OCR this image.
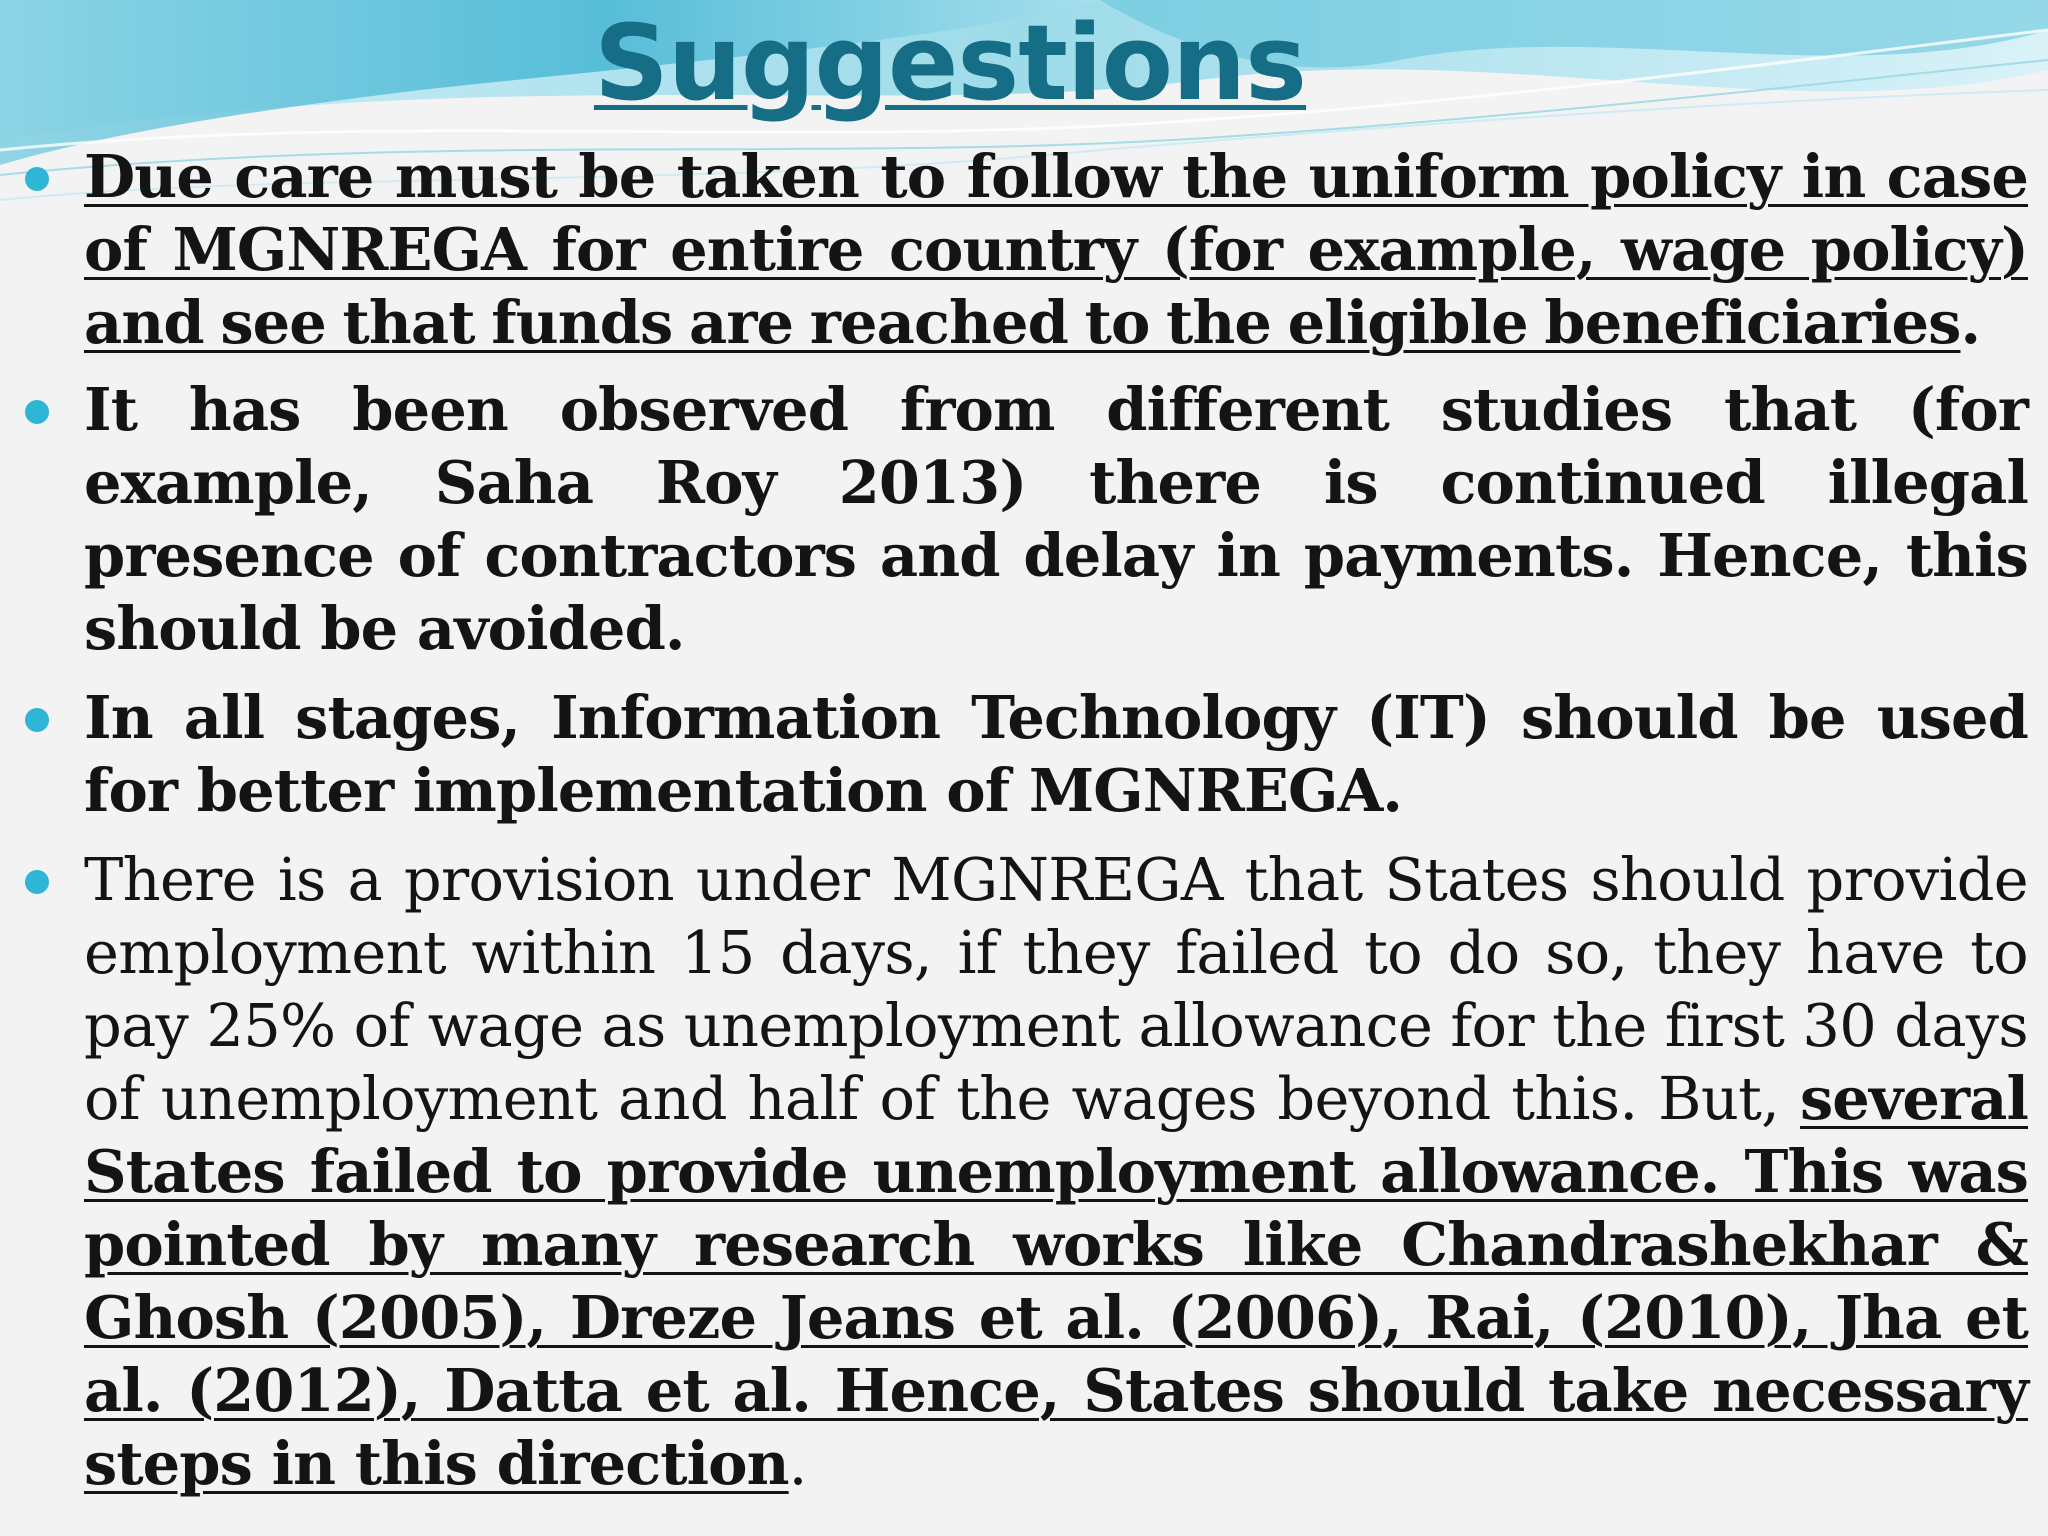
Suggestions
Due care must be taken to follow the uniform policy in case of MGNREGA for entire country (for example, wage policy) and see that funds are reached to the eligible beneficiaries.
It has been observed from different studies that (for example, Saha Roy 2013) there is continued illegal presence of contractors and delay in payments. Hence, this should be avoided.
In all stages, Information Technology (IT) should be used for better implementation of MGNREGA.
There is a provision under MGNREGA that States should provide employment within 15 days, if they failed to do so, they have to pay 25% of wage as unemployment allowance for the first 30 days of unemployment and half of the wages beyond this. But, several States failed to provide unemployment allowance. This was pointed by many research works like Chandrashekhar & Ghosh (2005), Dreze Jeans et al. (2006), Rai, (2010), Jha et al. (2012), Datta et al. Hence, States should take necessary steps in this direction.
